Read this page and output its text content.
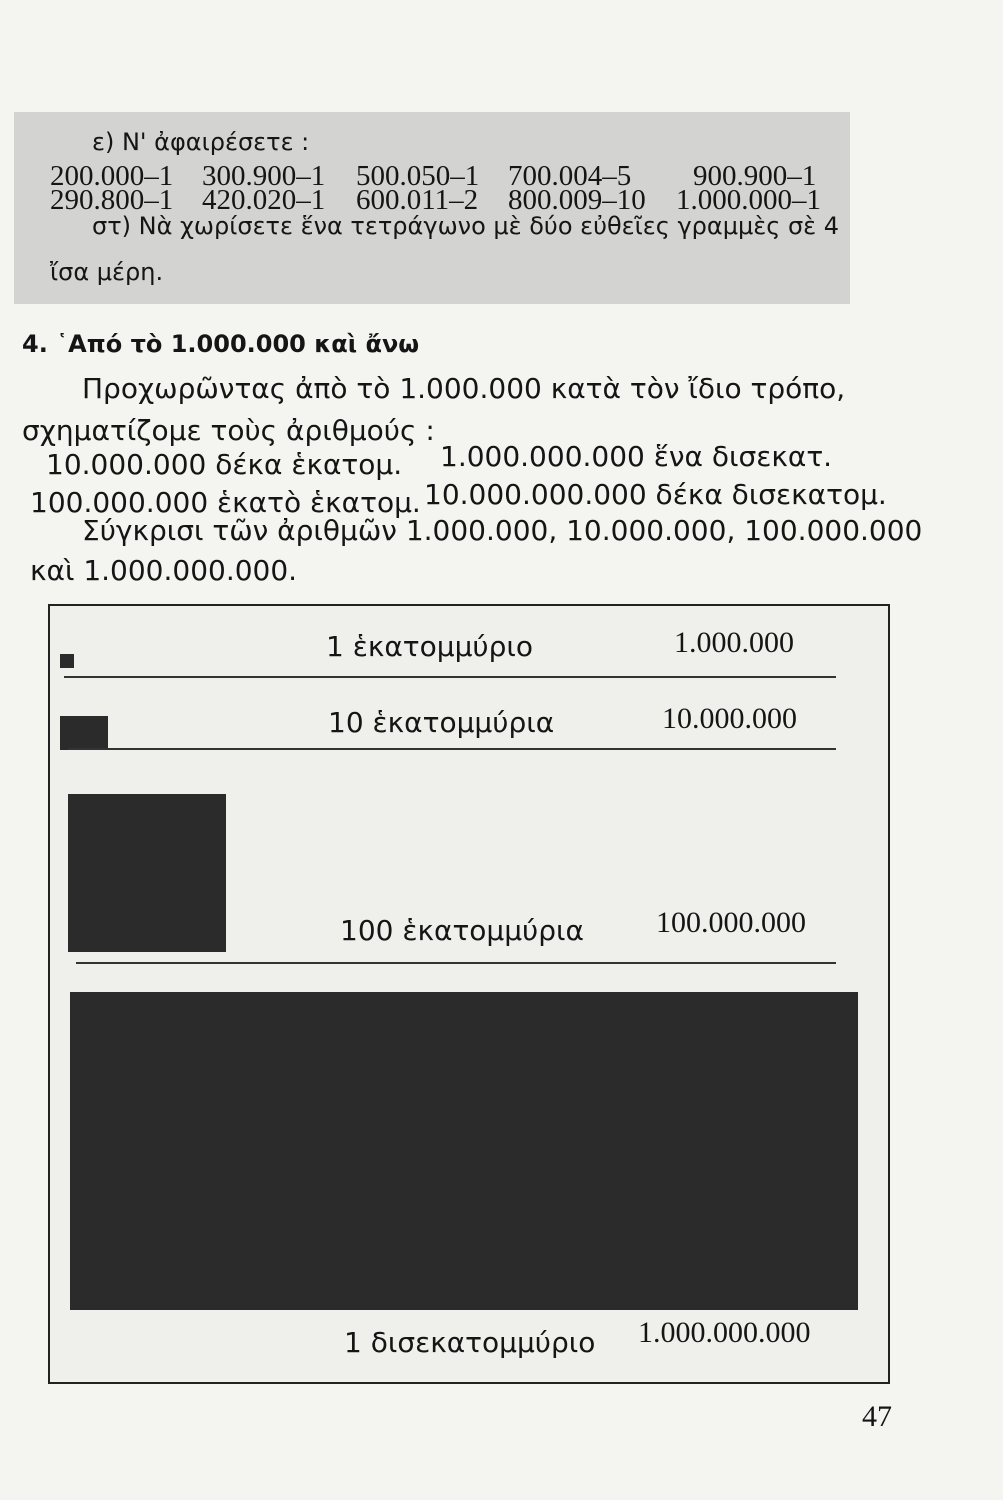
ε) Ν' ἀφαιρέσετε :
200.000–1 300.900–1 500.050–1 700.004–5 900.900–1
290.800–1 420.020–1 600.011–2 800.009–10 1.000.000–1
στ) Νὰ χωρίσετε ἕνα τετράγωνο μὲ δύο εὐθεῖες γραμμὲς σὲ 4
ἴσα μέρη.
4. ῾Από τὸ 1.000.000 καὶ ἄνω
Προχωρῶντας ἀπὸ τὸ 1.000.000 κατὰ τὸν ἴδιο τρόπο,
σχηματίζομε τοὺς ἀριθμούς :
10.000.000 δέκα ἑκατομ. 1.000.000.000 ἕνα δισεκατ.
100.000.000 ἑκατὸ ἑκατομ. 10.000.000.000 δέκα δισεκατομ.
Σύγκρισι τῶν ἀριθμῶν 1.000.000, 10.000.000, 100.000.000
καὶ 1.000.000.000.
1 ἑκατομμύριο	1.000.000
10 ἑκατομμύρια	10.000.000
100 ἑκατομμύρια 100.000.000
1 δισεκατομμύριο 1.000.000.000
47
